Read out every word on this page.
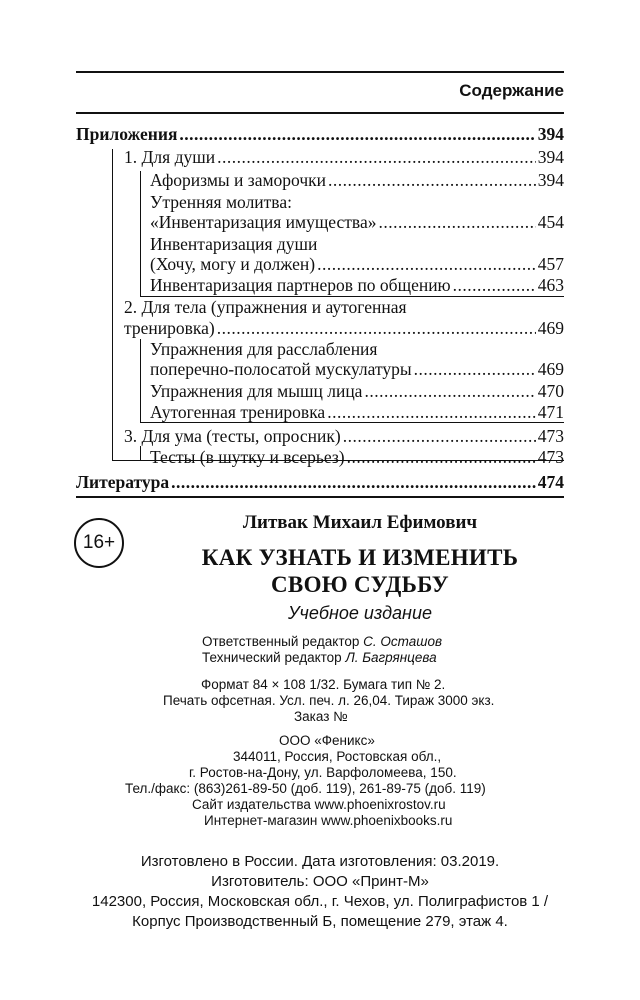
Содержание
Приложения .....	394
1. Для души .....	394
Афоризмы и заморочки .....	394
Утренняя молитва:
«Инвентаризация имущества» .....	454
Инвентаризация души
(Хочу, могу и должен) .....	457
Инвентаризация партнеров по общению .....	463
2. Для тела (упражнения и аутогенная
тренировка) .....	469
Упражнения для расслабления
поперечно-полосатой мускулатуры .....	469
Упражнения для мышц лица .....	470
Аутогенная тренировка .....	471
3. Для ума (тесты, опросник) .....	473
Тесты (в шутку и всерьез) .....	473
Литература .....	474
16+
Литвак Михаил Ефимович
КАК УЗНАТЬ И ИЗМЕНИТЬ
СВОЮ СУДЬБУ
Учебное издание
Ответственный редактор С. Осташов
Технический редактор Л. Багрянцева
Формат 84 × 108 1/32. Бумага тип № 2.
Печать офсетная. Усл. печ. л. 26,04. Тираж 3000 экз.
Заказ №
ООО «Феникс»
344011, Россия, Ростовская обл.,
г. Ростов-на-Дону, ул. Варфоломеева, 150.
Тел./факс: (863)261-89-50 (доб. 119), 261-89-75 (доб. 119)
Сайт издательства www.phoenixrostov.ru
Интернет-магазин www.phoenixbooks.ru
Изготовлено в России. Дата изготовления: 03.2019.
Изготовитель: ООО «Принт-М»
142300, Россия, Московская обл., г. Чехов, ул. Полиграфистов 1 /
Корпус Производственный Б, помещение 279, этаж 4.
